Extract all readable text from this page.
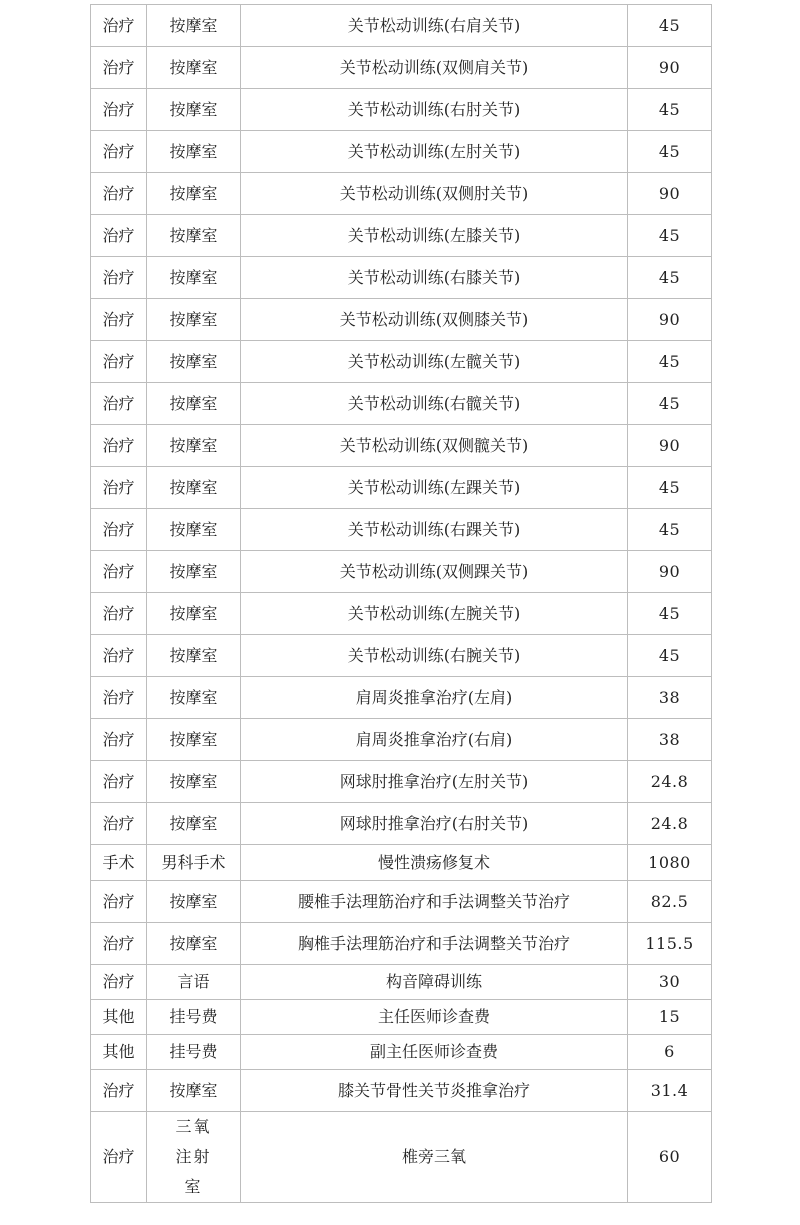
治疗	按摩室	关节松动训练(右肩关节)	45
治疗	按摩室	关节松动训练(双侧肩关节)	90
治疗	按摩室	关节松动训练(右肘关节)	45
治疗	按摩室	关节松动训练(左肘关节)	45
治疗	按摩室	关节松动训练(双侧肘关节)	90
治疗	按摩室	关节松动训练(左膝关节)	45
治疗	按摩室	关节松动训练(右膝关节)	45
治疗	按摩室	关节松动训练(双侧膝关节)	90
治疗	按摩室	关节松动训练(左髋关节)	45
治疗	按摩室	关节松动训练(右髋关节)	45
治疗	按摩室	关节松动训练(双侧髋关节)	90
治疗	按摩室	关节松动训练(左踝关节)	45
治疗	按摩室	关节松动训练(右踝关节)	45
治疗	按摩室	关节松动训练(双侧踝关节)	90
治疗	按摩室	关节松动训练(左腕关节)	45
治疗	按摩室	关节松动训练(右腕关节)	45
治疗	按摩室	肩周炎推拿治疗(左肩)	38
治疗	按摩室	肩周炎推拿治疗(右肩)	38
治疗	按摩室	网球肘推拿治疗(左肘关节)	24.8
治疗	按摩室	网球肘推拿治疗(右肘关节)	24.8
手术	男科手术	慢性溃疡修复术	1080
治疗	按摩室	腰椎手法理筋治疗和手法调整关节治疗	82.5
治疗	按摩室	胸椎手法理筋治疗和手法调整关节治疗	115.5
治疗	言语	构音障碍训练	30
其他	挂号费	主任医师诊查费	15
其他	挂号费	副主任医师诊查费	6
治疗	按摩室	膝关节骨性关节炎推拿治疗	31.4
治疗	三氧注射室	椎旁三氧	60
